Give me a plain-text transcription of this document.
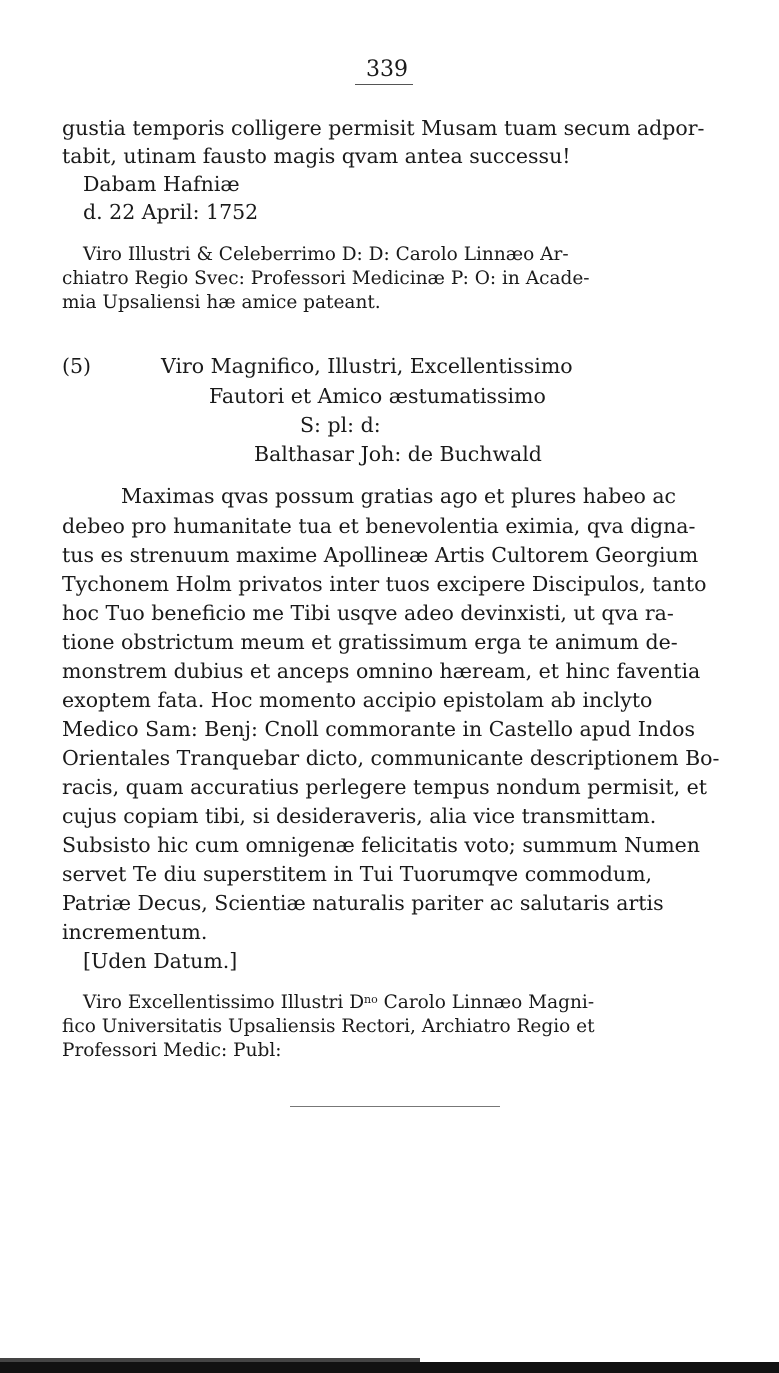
339
gustia temporis colligere permisit Musam tuam secum adpor-
tabit, utinam fausto magis qvam antea successu!
Dabam Hafniæ
d. 22 April: 1752
Viro Illustri & Celeberrimo D: D: Carolo Linnæo Ar-
chiatro Regio Svec: Professori Medicinæ P: O: in Acade-
mia Upsaliensi hæ amice pateant.
(5)	Viro Magnifico, Illustri, Excellentissimo
Fautori et Amico æstumatissimo
S: pl: d:
Balthasar Joh: de Buchwald
Maximas qvas possum gratias ago et plures habeo ac
debeo pro humanitate tua et benevolentia eximia, qva digna-
tus es strenuum maxime Apollineæ Artis Cultorem Georgium
Tychonem Holm privatos inter tuos excipere Discipulos, tanto
hoc Tuo beneficio me Tibi usqve adeo devinxisti, ut qva ra-
tione obstrictum meum et gratissimum erga te animum de-
monstrem dubius et anceps omnino hæream, et hinc faventia
exoptem fata. Hoc momento accipio epistolam ab inclyto
Medico Sam: Benj: Cnoll commorante in Castello apud Indos
Orientales Tranquebar dicto, communicante descriptionem Bo-
racis, quam accuratius perlegere tempus nondum permisit, et
cujus copiam tibi, si desideraveris, alia vice transmittam.
Subsisto hic cum omnigenæ felicitatis voto; summum Numen
servet Te diu superstitem in Tui Tuorumqve commodum,
Patriæ Decus, Scientiæ naturalis pariter ac salutaris artis
incrementum.
[Uden Datum.]
Viro Excellentissimo Illustri $D^{no}$ Carolo Linnæo Magni-
fico Universitatis Upsaliensis Rectori, Archiatro Regio et
Professori Medic: Publ:
